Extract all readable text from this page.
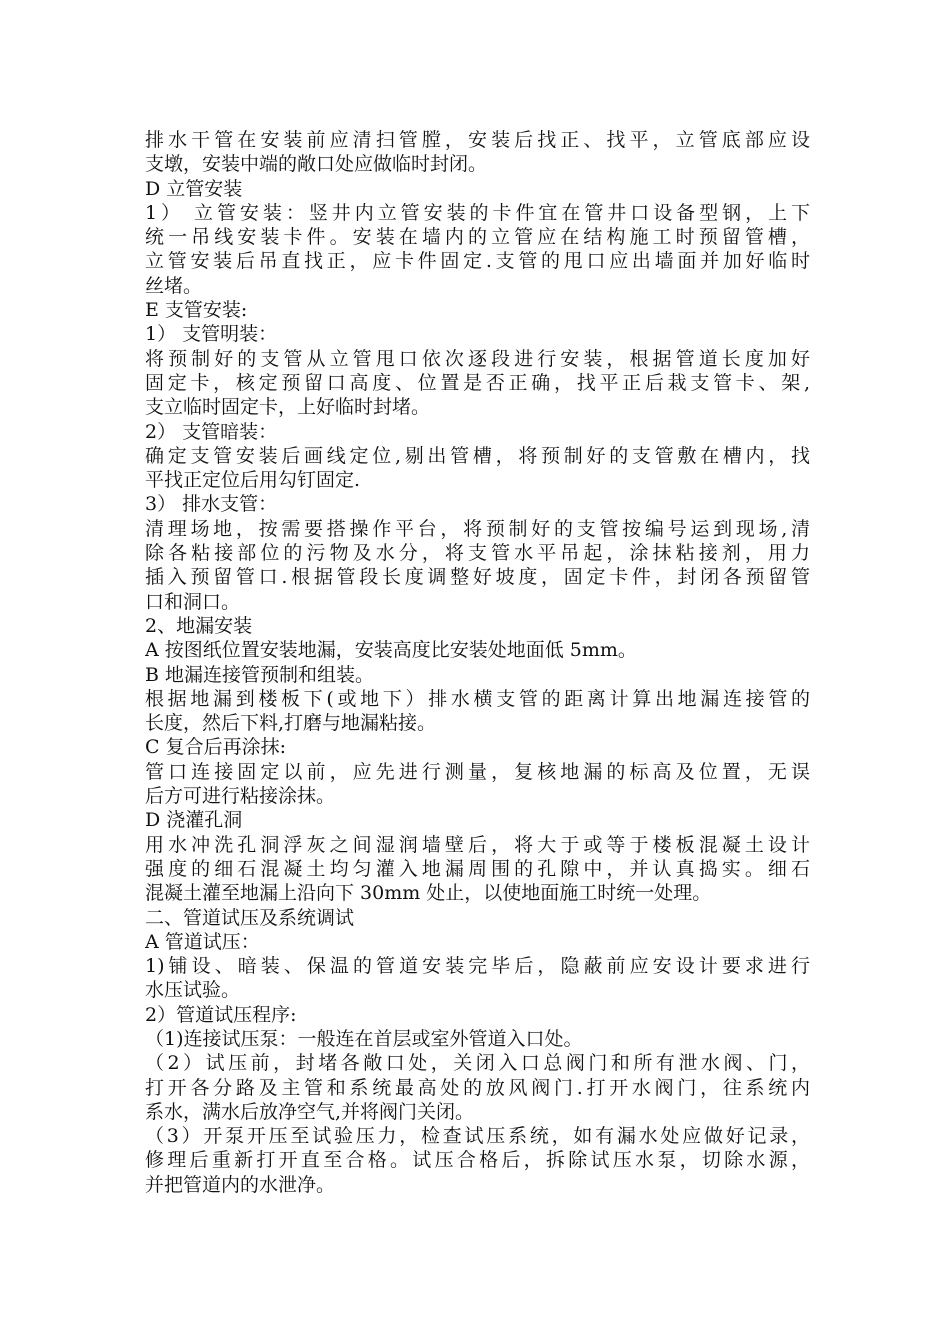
排水干管在安装前应清扫管膛，安装后找正、找平，立管底部应设
支墩，安装中端的敞口处应做临时封闭。
D 立管安装
1） 立管安装：竖井内立管安装的卡件宜在管井口设备型钢，上下
统一吊线安装卡件。安装在墙内的立管应在结构施工时预留管槽，
立管安装后吊直找正，应卡件固定.支管的甩口应出墙面并加好临时
丝堵。
E 支管安装:
1） 支管明装：
将预制好的支管从立管甩口依次逐段进行安装，根据管道长度加好
固定卡，核定预留口高度、位置是否正确，找平正后栽支管卡、架,
支立临时固定卡，上好临时封堵。
2） 支管暗装：
确定支管安装后画线定位,剔出管槽，将预制好的支管敷在槽内，找
平找正定位后用勾钉固定.
3） 排水支管：
清理场地，按需要搭操作平台，将预制好的支管按编号运到现场,清
除各粘接部位的污物及水分，将支管水平吊起，涂抹粘接剂，用力
插入预留管口.根据管段长度调整好坡度，固定卡件，封闭各预留管
口和洞口。
2、地漏安装
A 按图纸位置安装地漏，安装高度比安装处地面低 5mm。
B 地漏连接管预制和组装。
根据地漏到楼板下(或地下）排水横支管的距离计算出地漏连接管的
长度，然后下料,打磨与地漏粘接。
C 复合后再涂抹:
管口连接固定以前，应先进行测量，复核地漏的标高及位置，无误
后方可进行粘接涂抹。
D 浇灌孔洞
用水冲洗孔洞浮灰之间湿润墙壁后，将大于或等于楼板混凝土设计
强度的细石混凝土均匀灌入地漏周围的孔隙中，并认真捣实。细石
混凝土灌至地漏上沿向下 30mm 处止，以使地面施工时统一处理。
二、管道试压及系统调试
A 管道试压：
1)铺设、暗装、保温的管道安装完毕后，隐蔽前应安设计要求进行
水压试验。
2）管道试压程序:
（1)连接试压泵：一般连在首层或室外管道入口处。
（2）试压前，封堵各敞口处，关闭入口总阀门和所有泄水阀、门，
打开各分路及主管和系统最高处的放风阀门.打开水阀门，往系统内
系水，满水后放净空气,并将阀门关闭。
（3）开泵开压至试验压力，检查试压系统，如有漏水处应做好记录，
修理后重新打开直至合格。试压合格后，拆除试压水泵，切除水源，
并把管道内的水泄净。
